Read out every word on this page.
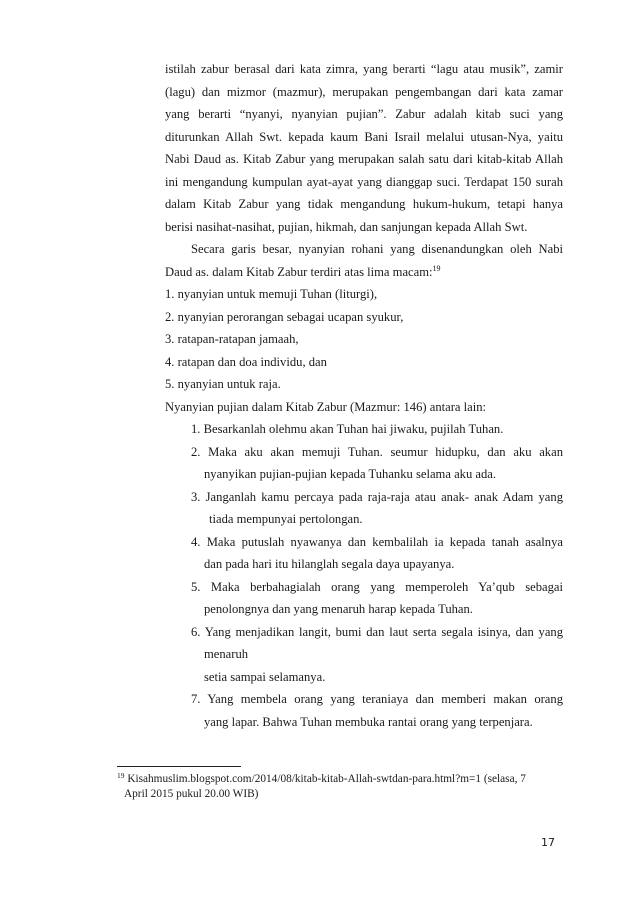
istilah zabur berasal dari kata zimra, yang berarti “lagu atau musik”, zamir
(lagu) dan mizmor (mazmur), merupakan pengembangan dari kata zamar
yang berarti “nyanyi, nyanyian pujian”. Zabur adalah kitab suci yang
diturunkan Allah Swt. kepada kaum Bani Israil melalui utusan-Nya, yaitu
Nabi Daud as. Kitab Zabur yang merupakan salah satu dari kitab-kitab Allah
ini mengandung kumpulan ayat-ayat yang dianggap suci. Terdapat 150 surah
dalam Kitab Zabur yang tidak mengandung hukum-hukum, tetapi hanya
berisi nasihat-nasihat, pujian, hikmah, dan sanjungan kepada Allah Swt.
Secara garis besar, nyanyian rohani yang disenandungkan oleh Nabi
Daud as. dalam Kitab Zabur terdiri atas lima macam:$^{19}$
1. nyanyian untuk memuji Tuhan (liturgi),
2. nyanyian perorangan sebagai ucapan syukur,
3. ratapan-ratapan jamaah,
4. ratapan dan doa individu, dan
5. nyanyian untuk raja.
Nyanyian pujian dalam Kitab Zabur (Mazmur: 146) antara lain:
1. Besarkanlah olehmu akan Tuhan hai jiwaku, pujilah Tuhan.
2. Maka aku akan memuji Tuhan. seumur hidupku, dan aku akan
nyanyikan pujian-pujian kepada Tuhanku selama aku ada.
3. Janganlah kamu percaya pada raja-raja atau anak- anak Adam yang
tiada mempunyai pertolongan.
4. Maka putuslah nyawanya dan kembalilah ia kepada tanah asalnya
dan pada hari itu hilanglah segala daya upayanya.
5. Maka berbahagialah orang yang memperoleh Ya’qub sebagai
penolongnya dan yang menaruh harap kepada Tuhan.
6. Yang menjadikan langit, bumi dan laut serta segala isinya, dan yang
menaruh
setia sampai selamanya.
7. Yang membela orang yang teraniaya dan memberi makan orang
yang lapar. Bahwa Tuhan membuka rantai orang yang terpenjara.
$^{19}$ Kisahmuslim.blogspot.com/2014/08/kitab-kitab-Allah-swtdan-para.html?m=1 (selasa, 7
April 2015 pukul 20.00 WIB)
17
